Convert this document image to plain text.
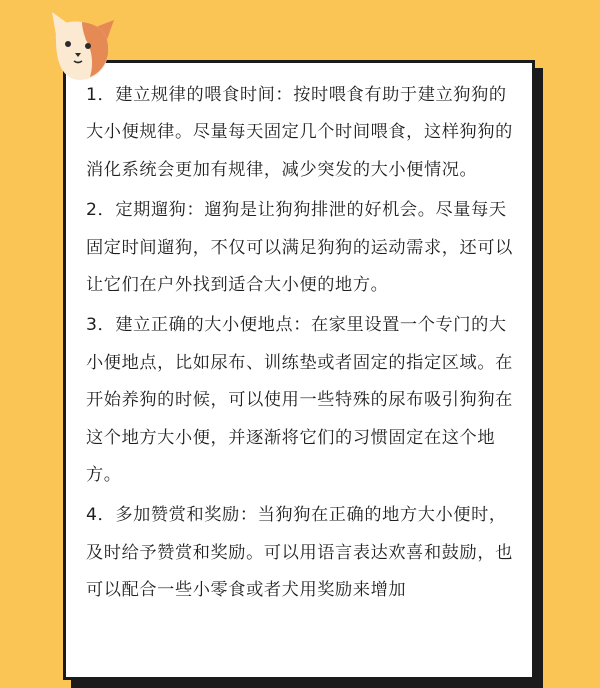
1．建立规律的喂食时间：按时喂食有助于建立狗狗的大小便规律。尽量每天固定几个时间喂食，这样狗狗的消化系统会更加有规律，减少突发的大小便情况。

2．定期遛狗：遛狗是让狗狗排泄的好机会。尽量每天固定时间遛狗，不仅可以满足狗狗的运动需求，还可以让它们在户外找到适合大小便的地方。

3．建立正确的大小便地点：在家里设置一个专门的大小便地点，比如尿布、训练垫或者固定的指定区域。在开始养狗的时候，可以使用一些特殊的尿布吸引狗狗在这个地方大小便，并逐渐将它们的习惯固定在这个地方。

4．多加赞赏和奖励：当狗狗在正确的地方大小便时，及时给予赞赏和奖励。可以用语言表达欢喜和鼓励，也可以配合一些小零食或者犬用奖励来增加
